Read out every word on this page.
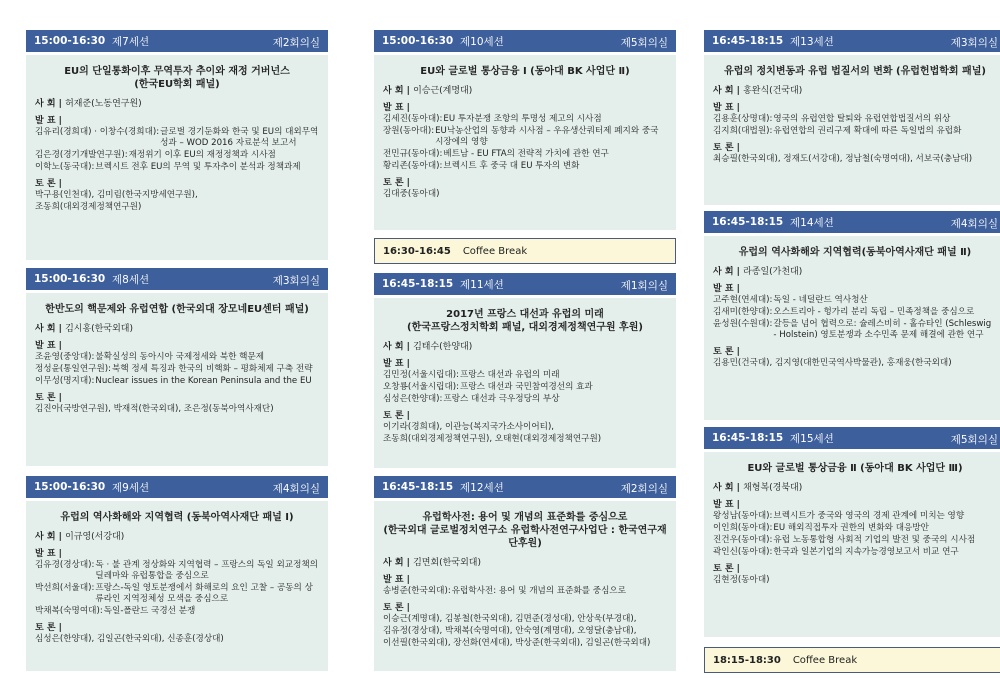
15:00-16:30 제7세션	제2회의실
EU의 단일통화이후 무역투자 추이와 재정 거버넌스
(한국EU학회 패널)
사 회 | 허재준(노동연구원)
발 표 |
김유리(경희대) · 이창수(경희대): 글로벌 경기둔화와 한국 및 EU의 대외무역 성과 – WOD 2016 자료분석 보고서
김은경(경기개발연구원): 재정위기 이후 EU의 재정정책과 시사점
이학노(동국대): 브렉시트 전후 EU의 무역 및 투자추이 분석과 정책과제
토 론 |
박구용(인천대), 김미림(한국지방세연구원),
조동희(대외경제정책연구원)
15:00-16:30 제8세션	제3회의실
한반도의 핵문제와 유럽연합 (한국외대 장모네EU센터 패널)
사 회 | 김시홍(한국외대)
발 표 |
조윤영(중앙대): 불확실성의 동아시아 국제정세와 북한 핵문제
정성윤(통일연구원): 북핵 정세 특징과 한국의 비핵화 – 평화체제 구축 전략
이무성(명지대): Nuclear issues in the Korean Peninsula and the EU
토 론 |
김진아(국방연구원), 박재적(한국외대), 조은정(동북아역사재단)
15:00-16:30 제9세션	제4회의실
유럽의 역사화해와 지역협력 (동북아역사재단 패널 Ⅰ)
사 회 | 이규영(서강대)
발 표 |
김유경(경상대): 독 · 불 관계 정상화와 지역협력 – 프랑스의 독일 외교정책의 딜레마와 유럽통합을 중심으로
박선희(서울대): 프랑스-독일 영토분쟁에서 화해로의 요인 고찰 – 공동의 상류라인 지역정체성 모색을 중심으로
박채복(숙명여대): 독일-폴란드 국경선 분쟁
토 론 |
심성은(한양대), 김일곤(한국외대), 신종훈(경상대)
15:00-16:30 제10세션	제5회의실
EU와 글로벌 통상금융 Ⅰ (동아대 BK 사업단 Ⅱ)
사 회 | 이승근(계명대)
발 표 |
김세진(동아대): EU 투자분쟁 조항의 투명성 제고의 시사점
장원(동아대): EU낙농산업의 동향과 시사점 – 우유생산쿼터제 폐지와 중국 시장에의 영향
전민규(동아대): 베트남 - EU FTA의 전략적 가치에 관한 연구
황리존(동아대): 브렉시트 후 중국 대 EU 투자의 변화
토 론 |
김대중(동아대)
16:30-16:45 Coffee Break
16:45-18:15 제11세션	제1회의실
2017년 프랑스 대선과 유럽의 미래
(한국프랑스정치학회 패널, 대외경제정책연구원 후원)
사 회 | 김태수(한양대)
발 표 |
김민정(서울시립대): 프랑스 대선과 유럽의 미래
오창룡(서울시립대): 프랑스 대선과 국민참여경선의 효과
심성은(한양대): 프랑스 대선과 극우정당의 부상
토 론 |
이기라(경희대), 이관능(복지국가소사이어티),
조동희(대외경제정책연구원), 오태현(대외경제정책연구원)
16:45-18:15 제12세션	제2회의실
유럽학사전: 용어 및 개념의 표준화를 중심으로
(한국외대 글로벌정치연구소 유럽학사전연구사업단 : 한국연구재단후원)
사 회 | 김면회(한국외대)
발 표 |
송병준(한국외대): 유럽학사전: 용어 및 개념의 표준화를 중심으로
토 론 |
이승근(계명대), 김봉철(한국외대), 김면준(경성대), 안상욱(부경대),
김유정(경상대), 박채복(숙명여대), 안숙영(계명대), 오영달(충남대),
이선필(한국외대), 장선화(연세대), 박상준(한국외대), 김일곤(한국외대)
16:45-18:15 제13세션	제3회의실
유럽의 정치변동과 유럽 법질서의 변화 (유럽헌법학회 패널)
사 회 | 홍완식(건국대)
발 표 |
김용훈(상명대): 영국의 유럽연합 탈퇴와 유럽연합법질서의 위상
김지희(대법원): 유럽연합의 권리구제 확대에 따른 독일법의 유럽화
토 론 |
최승필(한국외대), 정재도(서강대), 정남철(숙명여대), 서보국(충남대)
16:45-18:15 제14세션	제4회의실
유럽의 역사화해와 지역협력(동북아역사재단 패널 Ⅱ)
사 회 | 라종일(가천대)
발 표 |
고주현(연세대): 독일 - 네덜란드 역사청산
김새미(한양대): 오스트리아 - 헝가리 분리 독립 – 민족정책을 중심으로
윤성원(수원대): 갈등을 넘어 협력으로: 슐레스비히 - 홀슈타인 (Schleswig - Holstein) 영토분쟁과 소수민족 문제 해결에 관한 연구
토 론 |
김용민(건국대), 김지영(대한민국역사박물관), 홍재웅(한국외대)
16:45-18:15 제15세션	제5회의실
EU와 글로벌 통상금융 Ⅱ (동아대 BK 사업단 Ⅲ)
사 회 | 채형복(경북대)
발 표 |
왕성남(동아대): 브렉시트가 중국와 영국의 경제 관계에 미치는 영향
이인희(동아대): EU 해외직접투자 권한의 변화와 대응방안
진건우(동아대): 유럽 노동통합형 사회적 기업의 발전 및 중국의 시사점
곽인신(동아대): 한국과 일본기업의 지속가능경영보고서 비교 연구
토 론 |
김현정(동아대)
18:15-18:30 Coffee Break
